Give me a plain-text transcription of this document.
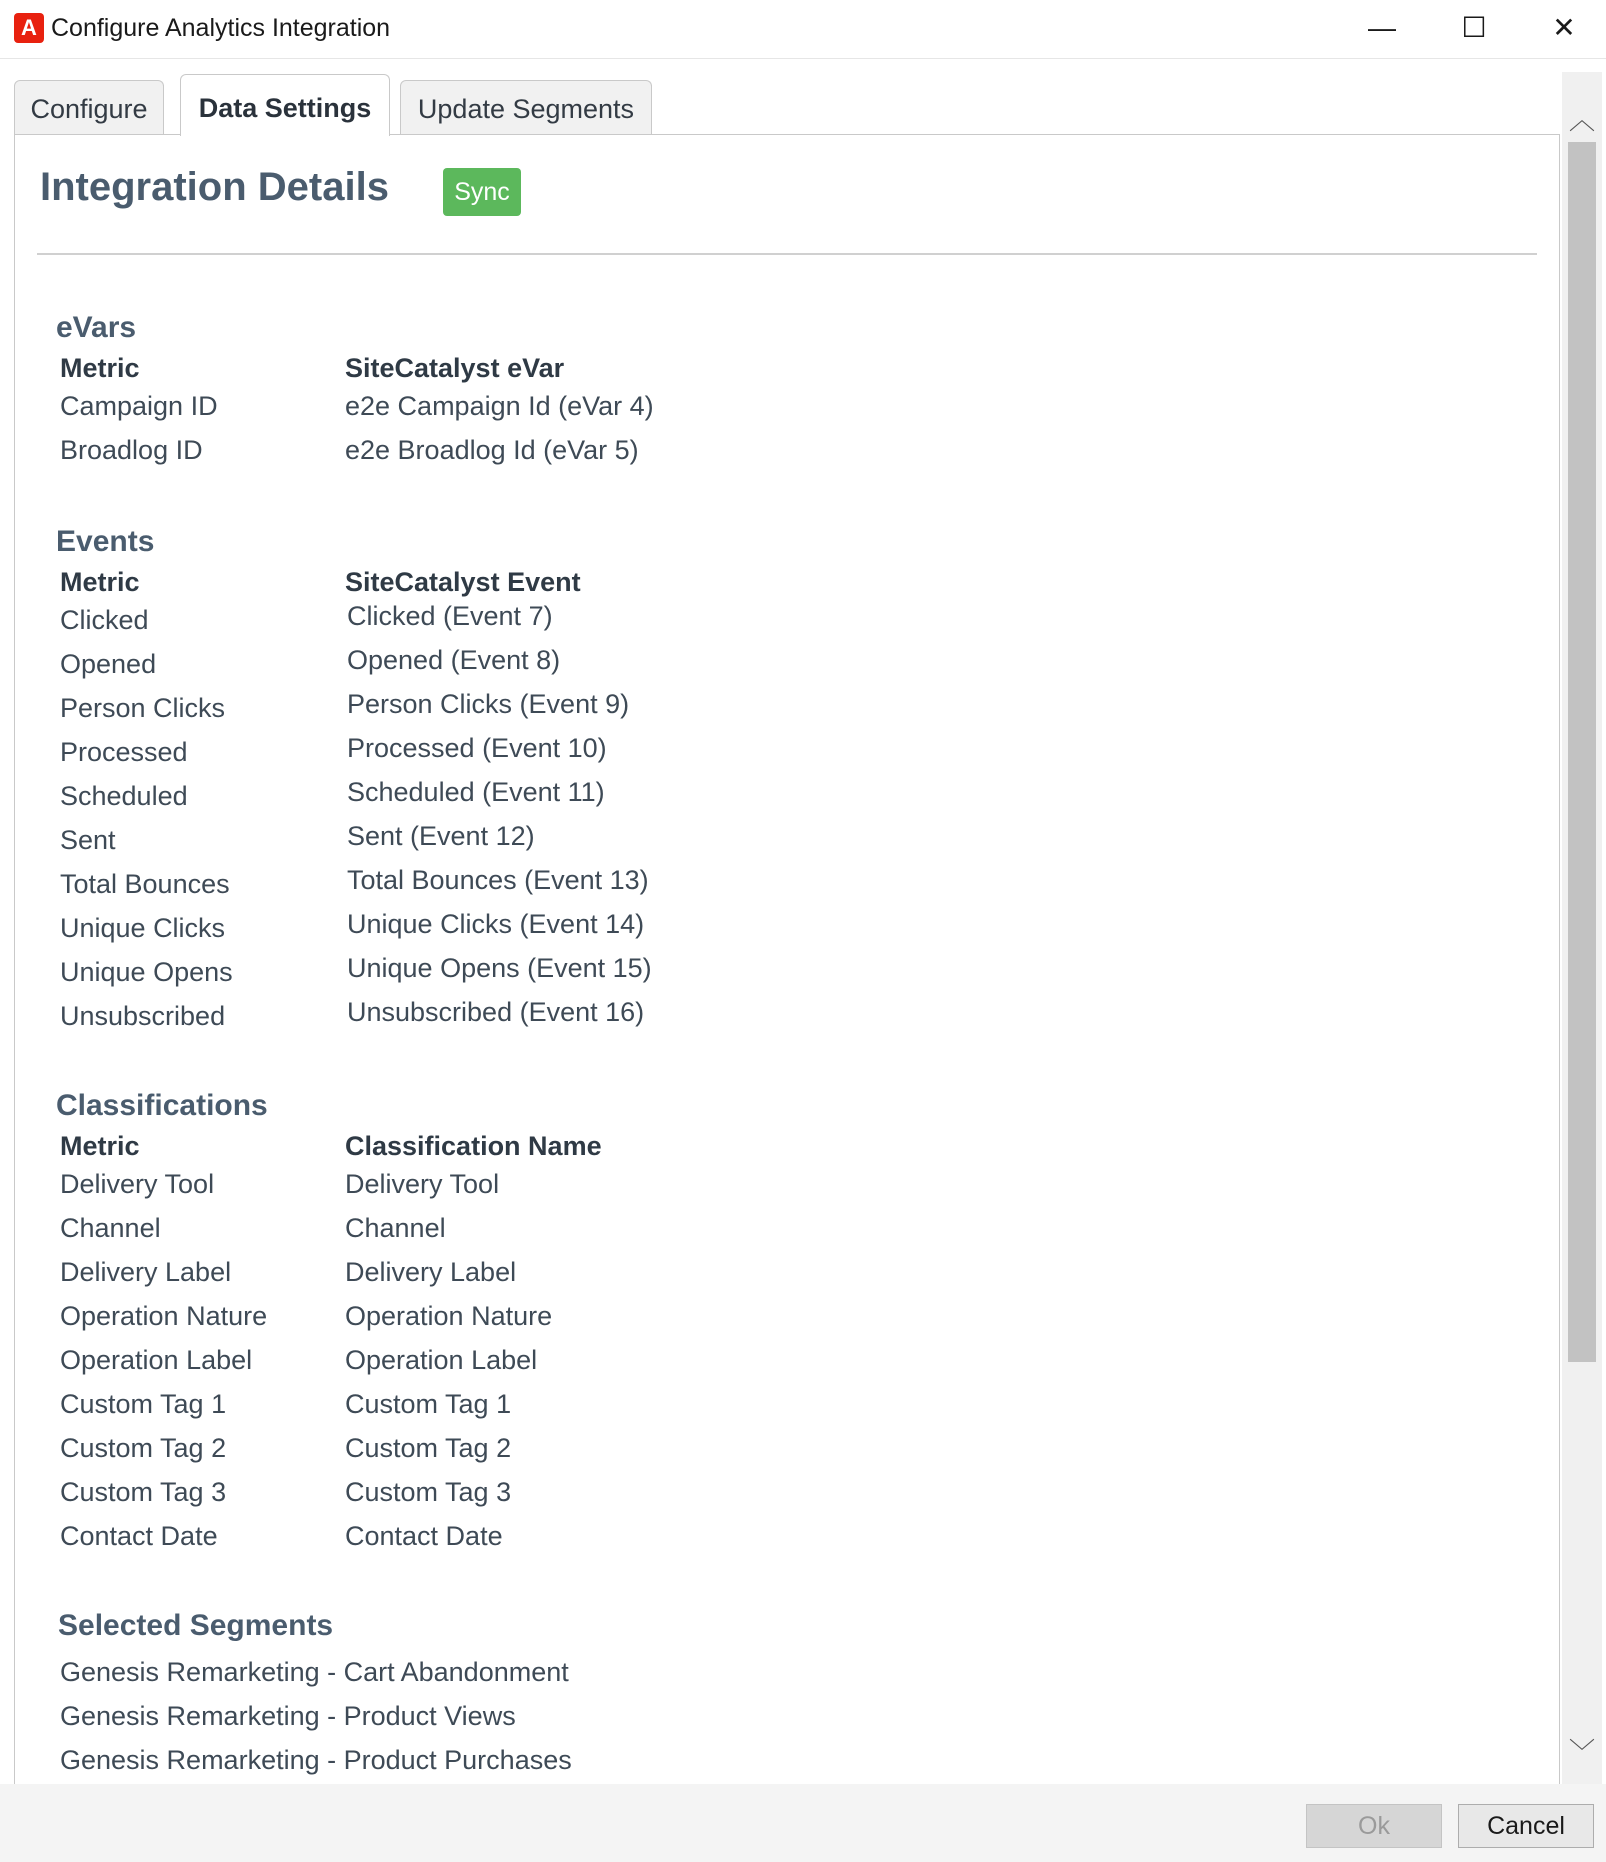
A Configure Analytics Integration	—	☐	✕
Configure	Data Settings	Update Segments
Integration Details	Sync
eVars
Metric	SiteCatalyst eVar
Campaign ID	e2e Campaign Id (eVar 4)
Broadlog ID	e2e Broadlog Id (eVar 5)
Events
Metric	SiteCatalyst Event
Clicked	Clicked (Event 7)
Opened	Opened (Event 8)
Person Clicks	Person Clicks (Event 9)
Processed	Processed (Event 10)
Scheduled	Scheduled (Event 11)
Sent	Sent (Event 12)
Total Bounces	Total Bounces (Event 13)
Unique Clicks	Unique Clicks (Event 14)
Unique Opens	Unique Opens (Event 15)
Unsubscribed	Unsubscribed (Event 16)
Classifications
Metric	Classification Name
Delivery Tool	Delivery Tool
Channel	Channel
Delivery Label	Delivery Label
Operation Nature	Operation Nature
Operation Label	Operation Label
Custom Tag 1	Custom Tag 1
Custom Tag 2	Custom Tag 2
Custom Tag 3	Custom Tag 3
Contact Date	Contact Date
Selected Segments
Genesis Remarketing - Cart Abandonment
Genesis Remarketing - Product Views
Genesis Remarketing - Product Purchases
︿
﹀
Ok	Cancel
